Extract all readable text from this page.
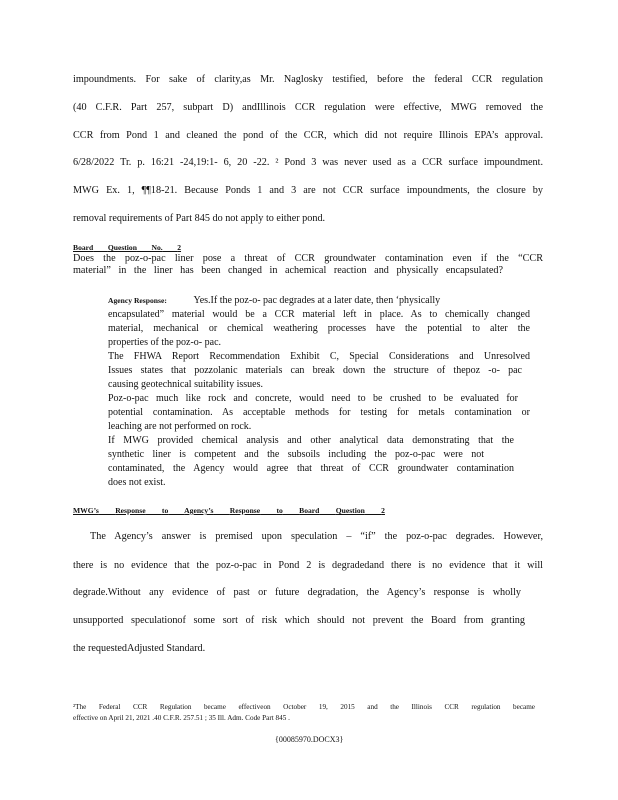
impoundments. For sake of clarity,as Mr. Naglosky testified, before the federal CCR regulation
(40 C.F.R. Part 257, subpart D) andIllinois CCR regulation were effective, MWG removed the
CCR from Pond 1 and cleaned the pond of the CCR, which did not require Illinois EPA’s approval.
6/28/2022 Tr. p. 16:21 -24,19:1- 6, 20 -22. ² Pond 3 was never used as a CCR surface impoundment.
MWG Ex. 1, ¶¶18-21. Because Ponds 1 and 3 are not CCR surface impoundments, the closure by
removal requirements of Part 845 do not apply to either pond.
Board Question No. 2
Does the poz-o-pac liner pose a threat of CCR groundwater contamination even if the “CCR
material” in the liner has been changed in achemical reaction and physically encapsulated?
Agency Response:	Yes.If the poz-o- pac degrades at a later date, then ‘physically
encapsulated” material would be a CCR material left in place. As to chemically changed
material, mechanical or chemical weathering processes have the potential to alter the
properties of the poz-o- pac.
The FHWA Report Recommendation Exhibit C, Special Considerations and Unresolved
Issues states that pozzolanic materials can break down the structure of thepoz -o- pac
causing geotechnical suitability issues.
Poz-o-pac much like rock and concrete, would need to be crushed to be evaluated for
potential contamination. As acceptable methods for testing for metals contamination or
leaching are not performed on rock.
If MWG provided chemical analysis and other analytical data demonstrating that the
synthetic liner is competent and the subsoils including the poz-o-pac were not
contaminated, the Agency would agree that threat of CCR groundwater contamination
does not exist.
MWG’s Response to Agency’s Response to Board Question 2
The Agency’s answer is premised upon speculation – “if” the poz-o-pac degrades. However,
there is no evidence that the poz-o-pac in Pond 2 is degradedand there is no evidence that it will
degrade.Without any evidence of past or future degradation, the Agency’s response is wholly
unsupported speculationof some sort of risk which should not prevent the Board from granting
the requestedAdjusted Standard.
²The Federal CCR Regulation became effectiveon October 19, 2015 and the Illinois CCR regulation became
effective on April 21, 2021 .40 C.F.R. 257.51 ; 35 Ill. Adm. Code Part 845 .
{00085970.DOCX3}
